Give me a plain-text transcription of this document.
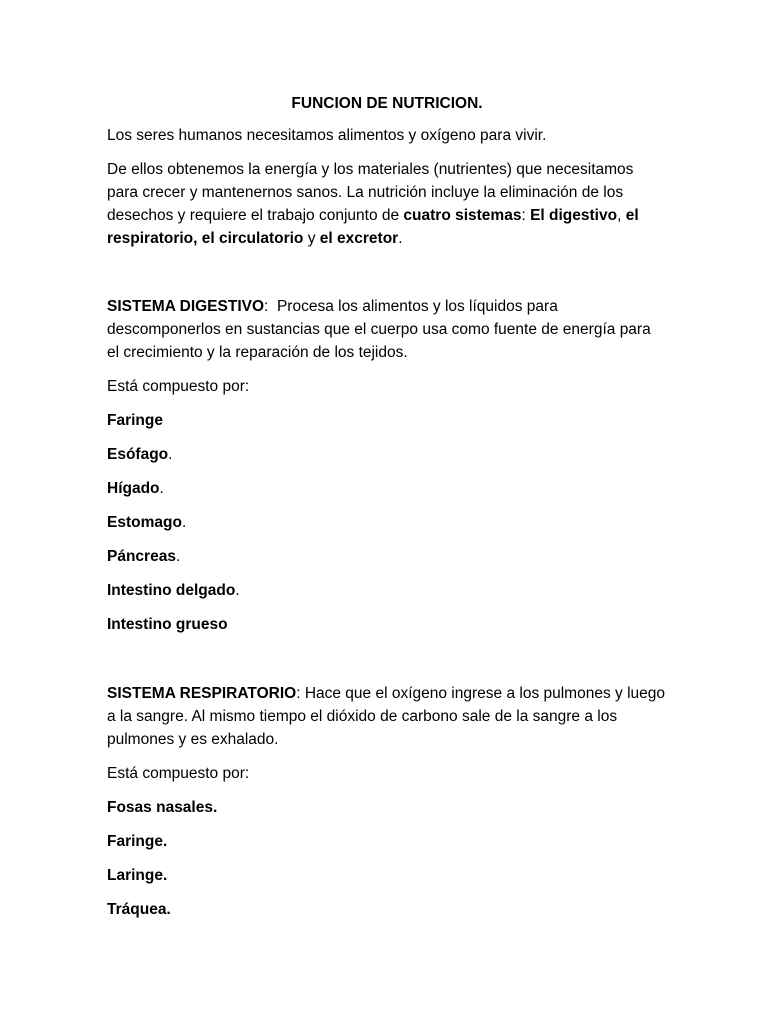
FUNCION DE NUTRICION.

Los seres humanos necesitamos alimentos y oxígeno para vivir.

De ellos obtenemos la energía y los materiales (nutrientes) que necesitamos para crecer y mantenernos sanos. La nutrición incluye la eliminación de los desechos y requiere el trabajo conjunto de cuatro sistemas: El digestivo, el respiratorio, el circulatorio y el excretor.

SISTEMA DIGESTIVO:  Procesa los alimentos y los líquidos para descomponerlos en sustancias que el cuerpo usa como fuente de energía para el crecimiento y la reparación de los tejidos.

Está compuesto por:

Faringe

Esófago.

Hígado.

Estomago.

Páncreas.

Intestino delgado.

Intestino grueso

SISTEMA RESPIRATORIO: Hace que el oxígeno ingrese a los pulmones y luego a la sangre. Al mismo tiempo el dióxido de carbono sale de la sangre a los pulmones y es exhalado.

Está compuesto por:

Fosas nasales.

Faringe.

Laringe.

Tráquea.
